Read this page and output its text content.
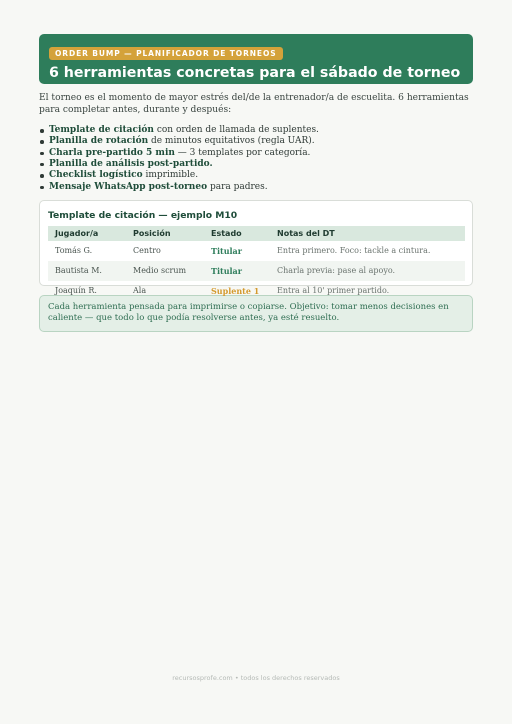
ORDER BUMP — PLANIFICADOR DE TORNEOS
6 herramientas concretas para el sábado de torneo

El torneo es el momento de mayor estrés del/de la entrenador/a de escuelita. 6 herramientas para completar antes, durante y después:

Template de citación con orden de llamada de suplentes.
Planilla de rotación de minutos equitativos (regla UAR).
Charla pre-partido 5 min — 3 templates por categoría.
Planilla de análisis post-partido.
Checklist logístico imprimible.
Mensaje WhatsApp post-torneo para padres.
Template de citación — ejemplo M10
Jugador/a	Posición	Estado	Notas del DT
Tomás G.	Centro	Titular	Entra primero. Foco: tackle a cintura.
Bautista M.	Medio scrum	Titular	Charla previa: pase al apoyo.
Joaquín R.	Ala	Suplente 1	Entra al 10' primer partido.
Cada herramienta pensada para imprimirse o copiarse. Objetivo: tomar menos decisiones en caliente — que todo lo que podía resolverse antes, ya esté resuelto.
recursosprofe.com • todos los derechos reservados
